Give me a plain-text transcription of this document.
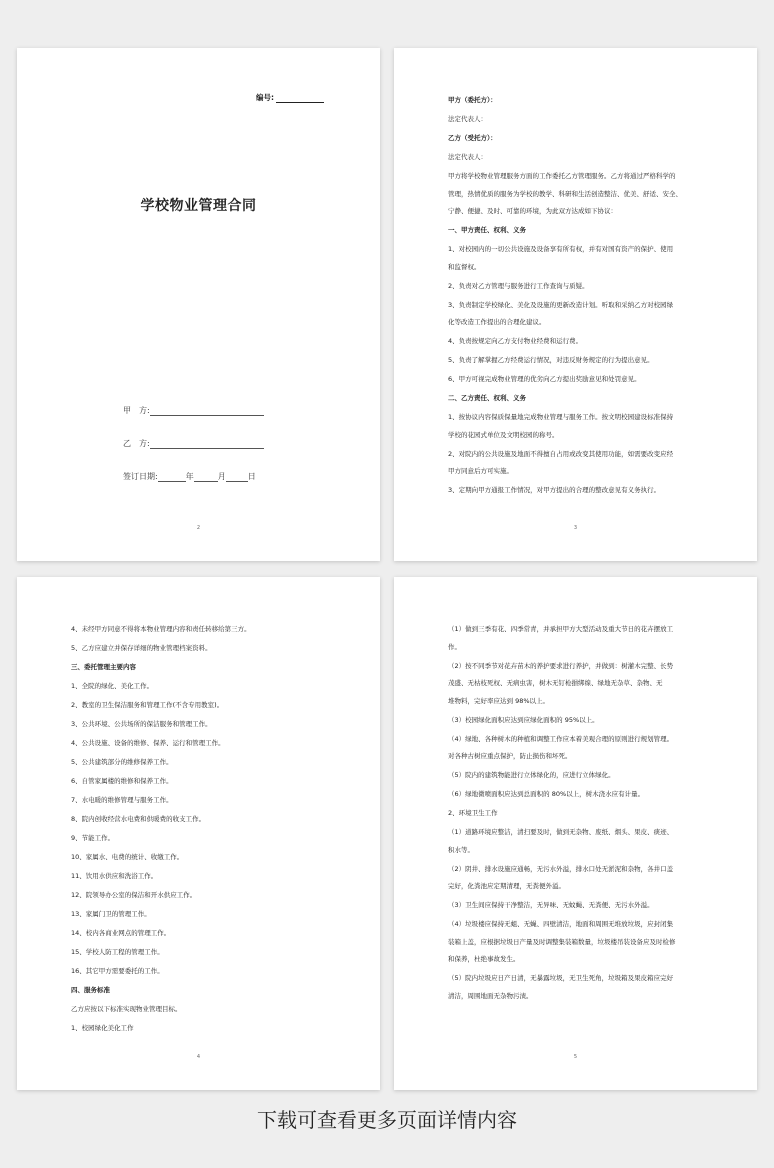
编号:
学校物业管理合同
甲　方:
乙　方:
签订日期:	年	月	日
2
甲方（委托方）：
法定代表人：
乙方（受托方）：
法定代表人：
甲方将学校物业管理服务方面的工作委托乙方管理服务。乙方将通过严格科学的
管理，热情优质的服务为学校的教学、科研和生活创造整洁、优美、舒适、安全、
宁静、便捷、及时、可靠的环境，为此双方达成如下协议：
一、甲方责任、权利、义务
1、对校园内的一切公共设施及设备享有所有权，并有对国有资产的保护、使用
和监督权。
2、负责对乙方管理与服务进行工作查询与质疑。
3、负责制定学校绿化、美化及设施的更新改造计划。听取和采纳乙方对校园绿
化等改造工作提出的合理化建议。
4、负责按规定向乙方支付物业经费和运行费。
5、负责了解掌握乙方经费运行情况，对违反财务规定的行为提出意见。
6、甲方可视完成物业管理的优劣向乙方提出奖励意见和处罚意见。
二、乙方责任、权利、义务
1、按协议内容保质保量地完成物业管理与服务工作。按文明校园建设标准保持
学校的花园式单位及文明校园的称号。
2、对院内的公共设施及地面不得擅自占用或改变其使用功能，如需要改变应经
甲方同意后方可实施。
3、定期向甲方通报工作情况，对甲方提出的合理的整改意见有义务执行。
3
4、未经甲方同意不得将本物业管理内容和责任转移给第三方。
5、乙方应建立并保存详细的物业管理档案资料。
三、委托管理主要内容
1、全院的绿化、美化工作。
2、教室的卫生保洁服务和管理工作(不含专用教室)。
3、公共环境、公共场所的保洁服务和管理工作。
4、公共设施、设备的维修、保养、运行和管理工作。
5、公共建筑部分的维修保养工作。
6、自管家属楼的维修和保养工作。
7、水电暖的维修管理与服务工作。
8、院内创收经营水电费和供暖费的收支工作。
9、节能工作。
10、家属水、电费的统计、收缴工作。
11、饮用水供应和洗浴工作。
12、院领导办公室的保洁和开水供应工作。
13、家属门卫的管理工作。
14、校内各商业网点的管理工作。
15、学校人防工程的管理工作。
16、其它甲方需要委托的工作。
四、服务标准
乙方应按以下标准实现物业管理目标。
1、校园绿化美化工作
4
（1）做到三季有花、四季常青，并承担甲方大型活动及重大节日的花卉摆放工
作。
（2）按不同季节对花卉苗木的养护要求进行养护，并做到：树灌木完整、长势
茂盛、无枯枝死杈、无病虫害，树木无钉枪損绑缐、绿地无杂草、杂物、无
堆物料，完好率应达到 98%以上。
（3）校园绿化面积应达到应绿化面积的 95%以上。
（4）绿地、各种树木的种植和调整工作应本着美观合理的原则进行规划管理。
对各种古树应重点保护，防止损伤和坏死。
（5）院内的建筑物能进行立体绿化的，应进行立体绿化。
（6）绿地微喷面积应达到总面积的 80%以上，树木浇水应有计量。
2、环境卫生工作
（1）道路环境应整洁，清扫要及时，做到无杂物、废纸、烟头、果皮、痰迹、
积水等。
（2）阴井、排水设施应通畅，无污水外溢，排水口处无淤泥和杂物，各井口盖
完好，化粪池应定期清理，无粪便外溢。
（3）卫生间应保持干净整洁，无异味、无蚊蝇、无粪便、无污水外溢。
（4）垃圾楼应保持无蛆、无蝇、四壁清洁，地面和周围无堆放垃圾，应封闭集
装箱上盖，应根据垃圾日产量及时调整集装箱数量，垃圾楼吊装设备应及时检修
和保养，杜绝事故发生。
（5）院内垃圾应日产日清，无暴露垃圾，无卫生死角，垃圾箱及果皮箱应完好
清洁，周围地面无杂物污渍。
5
下载可查看更多页面详情内容
